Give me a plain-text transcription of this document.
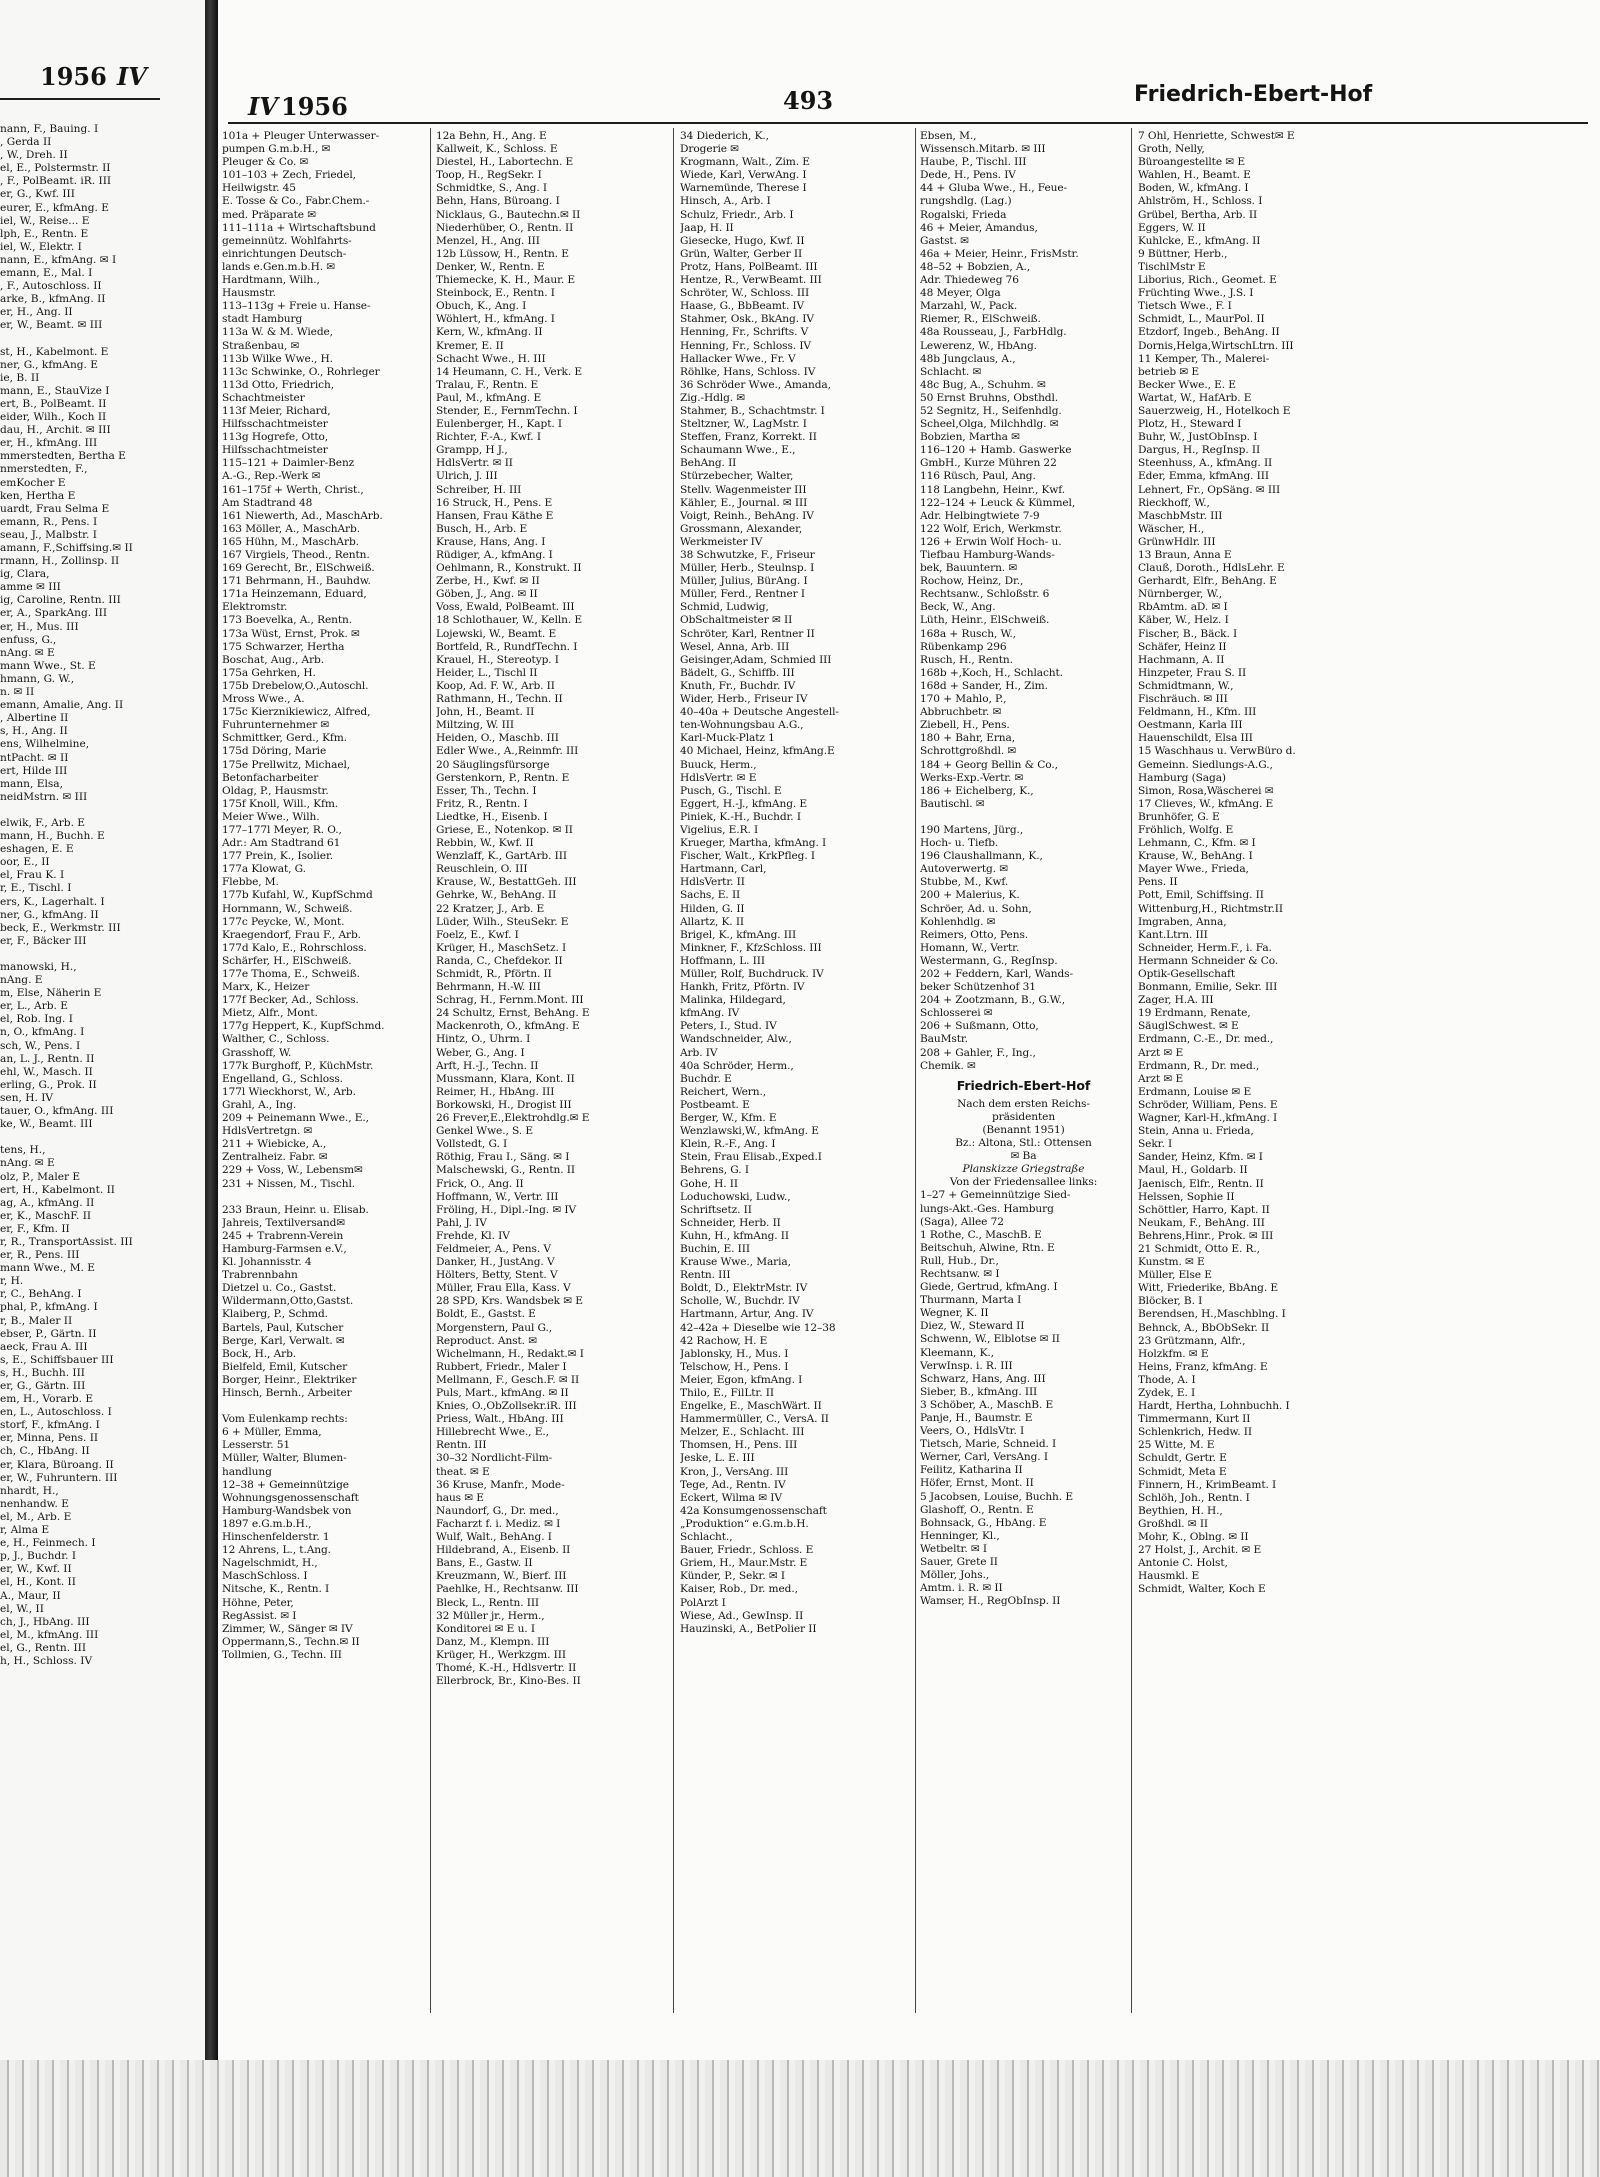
1956 IV
nann, F., Bauing. I
, Gerda II
, W., Dreh. II
el, E., Polstermstr. II
, F., PolBeamt. iR. III
er, G., Kwf. III
eurer, E., kfmAng. E
iel, W., Reise... E
lph, E., Rentn. E
iel, W., Elektr. I
nann, E., kfmAng. ✉ I
emann, E., Mal. I
, F., Autoschloss. II
arke, B., kfmAng. II
er, H., Ang. II
er, W., Beamt. ✉ III

st, H., Kabelmont. E
ner, G., kfmAng. E
ie, B. II
mann, E., StauVize I
ert, B., PolBeamt. II
eider, Wilh., Koch II
dau, H., Archit. ✉ III
er, H., kfmAng. III
mmerstedten, Bertha E
nmerstedten, F.,
emKocher E
ken, Hertha E
uardt, Frau Selma E
emann, R., Pens. I
seau, J., Malbstr. I
amann, F.,Schiffsing.✉ II
rmann, H., Zollinsp. II
ig, Clara,
amme ✉ III
ig, Caroline, Rentn. III
er, A., SparkAng. III
er, H., Mus. III
enfuss, G.,
nAng. ✉ E
mann Wwe., St. E
hmann, G. W.,
n. ✉ II
emann, Amalie, Ang. II
, Albertine II
s, H., Ang. II
ens, Wilhelmine,
ntPacht. ✉ II
ert, Hilde III
mann, Elsa,
neidMstrn. ✉ III

elwik, F., Arb. E
mann, H., Buchh. E
eshagen, E. E
oor, E., II
el, Frau K. I
r, E., Tischl. I
ers, K., Lagerhalt. I
ner, G., kfmAng. II
beck, E., Werkmstr. III
er, F., Bäcker III

manowski, H.,
nAng. E
m, Else, Näherin E
er, L., Arb. E
el, Rob. Ing. I
n, O., kfmAng. I
sch, W., Pens. I
an, L. J., Rentn. II
ehl, W., Masch. II
erling, G., Prok. II
sen, H. IV
tauer, O., kfmAng. III
ke, W., Beamt. III

tens, H.,
nAng. ✉ E
olz, P., Maler E
ert, H., Kabelmont. II
ag, A., kfmAng. II
er, K., MaschF. II
er, F., Kfm. II
r, R., TransportAssist. III
er, R., Pens. III
mann Wwe., M. E
r, H.
r, C., BehAng. I
phal, P., kfmAng. I
r, B., Maler II
ebser, P., Gärtn. II
aeck, Frau A. III
s, E., Schiffsbauer III
s, H., Buchh. III
er, G., Gärtn. III
em, H., Vorarb. E
en, L., Autoschloss. I
storf, F., kfmAng. I
er, Minna, Pens. II
ch, C., HbAng. II
er, Klara, Büroang. II
er, W., Fuhruntern. III
nhardt, H.,
nenhandw. E
el, M., Arb. E
r, Alma E
e, H., Feinmech. I
p, J., Buchdr. I
er, W., Kwf. II
el, H., Kont. II
A., Maur, II
el, W., II
ch, J., HbAng. III
el, M., kfmAng. III
el, G., Rentn. III
h, H., Schloss. IV
IV 1956	493	Friedrich-Ebert-Hof
101a + Pleuger Unterwasser-
pumpen G.m.b.H., ✉
Pleuger & Co. ✉
101–103 + Zech, Friedel,
Heilwigstr. 45
E. Tosse & Co., Fabr.Chem.-
med. Präparate ✉
111–111a + Wirtschaftsbund
gemeinnütz. Wohlfahrts-
einrichtungen Deutsch-
lands e.Gen.m.b.H. ✉
Hardtmann, Wilh.,
Hausmstr.
113–113g + Freie u. Hanse-
stadt Hamburg
113a W. & M. Wiede,
Straßenbau, ✉
113b Wilke Wwe., H.
113c Schwinke, O., Rohrleger
113d Otto, Friedrich,
Schachtmeister
113f Meier, Richard,
Hilfsschachtmeister
113g Hogrefe, Otto,
Hilfsschachtmeister
115–121 + Daimler-Benz
A.-G., Rep.-Werk ✉
161–175f + Werth, Christ.,
Am Stadtrand 48
161 Niewerth, Ad., MaschArb.
163 Möller, A., MaschArb.
165 Hühn, M., MaschArb.
167 Virgiels, Theod., Rentn.
169 Gerecht, Br., ElSchweiß.
171 Behrmann, H., Bauhdw.
171a Heinzemann, Eduard,
Elektromstr.
173 Boevelka, A., Rentn.
173a Wüst, Ernst, Prok. ✉
175 Schwarzer, Hertha
Boschat, Aug., Arb.
175a Gehrken, H.
175b Drebelow,O.,Autoschl.
Mross Wwe., A.
175c Kierznikiewicz, Alfred,
Fuhrunternehmer ✉
Schmittker, Gerd., Kfm.
175d Döring, Marie
175e Prellwitz, Michael,
Betonfacharbeiter
Oldag, P., Hausmstr.
175f Knoll, Will., Kfm.
Meier Wwe., Wilh.
177–177l Meyer, R. O.,
Adr.: Am Stadtrand 61
177 Prein, K., Isolier.
177a Klowat, G.
Flebbe, M.
177b Kufahl, W., KupfSchmd
Hornmann, W., Schweiß.
177c Peycke, W., Mont.
Kraegendorf, Frau F., Arb.
177d Kalo, E., Rohrschloss.
Schärfer, H., ElSchweiß.
177e Thoma, E., Schweiß.
Marx, K., Heizer
177f Becker, Ad., Schloss.
Mietz, Alfr., Mont.
177g Heppert, K., KupfSchmd.
Walther, C., Schloss.
Grasshoff, W.
177k Burghoff, P., KüchMstr.
Engelland, G., Schloss.
177l Wieckhorst, W., Arb.
Grahl, A., Ing.
209 + Peinemann Wwe., E.,
HdlsVertretgn. ✉
211 + Wiebicke, A.,
Zentralheiz. Fabr. ✉
229 + Voss, W., Lebensm✉
231 + Nissen, M., Tischl.

233 Braun, Heinr. u. Elisab.
Jahreis, Textilversand✉
245 + Trabrenn-Verein
Hamburg-Farmsen e.V.,
Kl. Johannisstr. 4
Trabrennbahn
Dietzel u. Co., Gastst.
Wildermann,Otto,Gastst.
Klaiberg, P., Schmd.
Bartels, Paul, Kutscher
Berge, Karl, Verwalt. ✉
Bock, H., Arb.
Bielfeld, Emil, Kutscher
Borger, Heinr., Elektriker
Hinsch, Bernh., Arbeiter

Vom Eulenkamp rechts:
6 + Müller, Emma,
Lesserstr. 51
Müller, Walter, Blumen-
handlung
12–38 + Gemeinnützige
Wohnungsgenossenschaft
Hamburg-Wandsbek von
1897 e.G.m.b.H.,
Hinschenfelderstr. 1
12 Ahrens, L., t.Ang.
Nagelschmidt, H.,
MaschSchloss. I
Nitsche, K., Rentn. I
Höhne, Peter,
RegAssist. ✉ I
Zimmer, W., Sänger ✉ IV
Oppermann,S., Techn.✉ II
Tollmien, G., Techn. III
12a Behn, H., Ang. E
Kallweit, K., Schloss. E
Diestel, H., Labortechn. E
Toop, H., RegSekr. I
Schmidtke, S., Ang. I
Behn, Hans, Büroang. I
Nicklaus, G., Bautechn.✉ II
Niederhüber, O., Rentn. II
Menzel, H., Ang. III
12b Lüssow, H., Rentn. E
Denker, W., Rentn. E
Thiemecke, K. H., Maur. E
Steinbock, E., Rentn. I
Obuch, K., Ang. I
Wöhlert, H., kfmAng. I
Kern, W., kfmAng. II
Kremer, E. II
Schacht Wwe., H. III
14 Heumann, C. H., Verk. E
Tralau, F., Rentn. E
Paul, M., kfmAng. E
Stender, E., FernmTechn. I
Eulenberger, H., Kapt. I
Richter, F.-A., Kwf. I
Grampp, H J.,
HdlsVertr. ✉ II
Ulrich, J. III
Schreiber, H. III
16 Struck, H., Pens. E
Hansen, Frau Käthe E
Busch, H., Arb. E
Krause, Hans, Ang. I
Rüdiger, A., kfmAng. I
Oehlmann, R., Konstrukt. II
Zerbe, H., Kwf. ✉ II
Göben, J., Ang. ✉ II
Voss, Ewald, PolBeamt. III
18 Schlothauer, W., Kelln. E
Lojewski, W., Beamt. E
Bortfeld, R., RundfTechn. I
Krauel, H., Stereotyp. I
Heider, L., Tischl II
Koop, Ad. F. W., Arb. II
Rathmann, H., Techn. II
John, H., Beamt. II
Miltzing, W. III
Heiden, O., Maschb. III
Edler Wwe., A.,Reinmfr. III
20 Säuglingsfürsorge
Gerstenkorn, P., Rentn. E
Esser, Th., Techn. I
Fritz, R., Rentn. I
Liedtke, H., Eisenb. I
Griese, E., Notenkop. ✉ II
Rebbin, W., Kwf. II
Wenzlaff, K., GartArb. III
Reuschlein, O. III
Krause, W., BestattGeh. III
Gehrke, W., BehAng. II
22 Kratzer, J., Arb. E
Lüder, Wilh., SteuSekr. E
Foelz, E., Kwf. I
Krüger, H., MaschSetz. I
Randa, C., Chefdekor. II
Schmidt, R., Pförtn. II
Behrmann, H.-W. III
Schrag, H., Fernm.Mont. III
24 Schultz, Ernst, BehAng. E
Mackenroth, O., kfmAng. E
Hintz, O., Uhrm. I
Weber, G., Ang. I
Arft, H.-J., Techn. II
Mussmann, Klara, Kont. II
Reimer, H., HbAng. III
Borkowski, H., Drogist III
26 Frever,E.,Elektrohdlg.✉ E
Genkel Wwe., S. E
Vollstedt, G. I
Röthig, Frau I., Säng. ✉ I
Malschewski, G., Rentn. II
Frick, O., Ang. II
Hoffmann, W., Vertr. III
Fröling, H., Dipl.-Ing. ✉ IV
Pahl, J. IV
Frehde, Kl. IV
Feldmeier, A., Pens. V
Danker, H., JustAng. V
Hölters, Betty, Stent. V
Müller, Frau Ella, Kass. V
28 SPD, Krs. Wandsbek ✉ E
Boldt, E., Gastst. E
Morgenstern, Paul G.,
Reproduct. Anst. ✉
Wichelmann, H., Redakt.✉ I
Rubbert, Friedr., Maler I
Mellmann, F., Gesch.F. ✉ II
Puls, Mart., kfmAng. ✉ II
Knies, O.,ObZollsekr.iR. III
Priess, Walt., HbAng. III
Hillebrecht Wwe., E.,
Rentn. III
30–32 Nordlicht-Film-
theat. ✉ E
36 Kruse, Manfr., Mode-
haus ✉ E
Naundorf, G., Dr. med.,
Facharzt f. i. Mediz. ✉ I
Wulf, Walt., BehAng. I
Hildebrand, A., Eisenb. II
Bans, E., Gastw. II
Kreuzmann, W., Bierf. III
Paehlke, H., Rechtsanw. III
Bleck, L., Rentn. III
32 Müller jr., Herm.,
Konditorei ✉ E u. I
Danz, M., Klempn. III
Krüger, H., Werkzgm. III
Thomé, K.-H., Hdlsvertr. II
Ellerbrock, Br., Kino-Bes. II
34 Diederich, K.,
Drogerie ✉
Krogmann, Walt., Zim. E
Wiede, Karl, VerwAng. I
Warnemünde, Therese I
Hinsch, A., Arb. I
Schulz, Friedr., Arb. I
Jaap, H. II
Giesecke, Hugo, Kwf. II
Grün, Walter, Gerber II
Protz, Hans, PolBeamt. III
Hentze, R., VerwBeamt. III
Schröter, W., Schloss. III
Haase, G., BbBeamt. IV
Stahmer, Osk., BkAng. IV
Henning, Fr., Schrifts. V
Henning, Fr., Schloss. IV
Hallacker Wwe., Fr. V
Röhlke, Hans, Schloss. IV
36 Schröder Wwe., Amanda,
Zig.-Hdlg. ✉
Stahmer, B., Schachtmstr. I
Steltzner, W., LagMstr. I
Steffen, Franz, Korrekt. II
Schaumann Wwe., E.,
BehAng. II
Stürzebecher, Walter,
Stellv. Wagenmeister III
Kähler, E., Journal. ✉ III
Voigt, Reinh., BehAng. IV
Grossmann, Alexander,
Werkmeister IV
38 Schwutzke, F., Friseur
Müller, Herb., Steulnsp. I
Müller, Julius, BürAng. I
Müller, Ferd., Rentner I
Schmid, Ludwig,
ObSchaltmeister ✉ II
Schröter, Karl, Rentner II
Wesel, Anna, Arb. III
Geisinger,Adam, Schmied III
Bädelt, G., Schiffb. III
Knuth, Fr., Buchdr. IV
Wider, Herb., Friseur IV
40–40a + Deutsche Angestell-
ten-Wohnungsbau A.G.,
Karl-Muck-Platz 1
40 Michael, Heinz, kfmAng.E
Buuck, Herm.,
HdlsVertr. ✉ E
Pusch, G., Tischl. E
Eggert, H.-J., kfmAng. E
Piniek, K.-H., Buchdr. I
Vigelius, E.R. I
Krueger, Martha, kfmAng. I
Fischer, Walt., KrkPfleg. I
Hartmann, Carl,
HdlsVertr. II
Sachs, E. II
Hilden, G. II
Allartz, K. II
Brigel, K., kfmAng. III
Minkner, F., KfzSchloss. III
Hoffmann, L. III
Müller, Rolf, Buchdruck. IV
Hankh, Fritz, Pförtn. IV
Malinka, Hildegard,
kfmAng. IV
Peters, I., Stud. IV
Wandschneider, Alw.,
Arb. IV
40a Schröder, Herm.,
Buchdr. E
Reichert, Wern.,
Postbeamt. E
Berger, W., Kfm. E
Wenzlawski,W., kfmAng. E
Klein, R.-F., Ang. I
Stein, Frau Elisab.,Exped.I
Behrens, G. I
Gohe, H. II
Loduchowski, Ludw.,
Schriftsetz. II
Schneider, Herb. II
Kuhn, H., kfmAng. II
Buchin, E. III
Krause Wwe., Maria,
Rentn. III
Boldt, D., ElektrMstr. IV
Scholle, W., Buchdr. IV
Hartmann, Artur, Ang. IV
42–42a + Dieselbe wie 12–38
42 Rachow, H. E
Jablonsky, H., Mus. I
Telschow, H., Pens. I
Meier, Egon, kfmAng. I
Thilo, E., FilLtr. II
Engelke, E., MaschWärt. II
Hammermüller, C., VersA. II
Melzer, E., Schlacht. III
Thomsen, H., Pens. III
Jeske, L. E. III
Kron, J., VersAng. III
Tege, Ad., Rentn. IV
Eckert, Wilma ✉ IV
42a Konsumgenossenschaft
„Produktion“ e.G.m.b.H.
Schlacht.,
Bauer, Friedr., Schloss. E
Griem, H., Maur.Mstr. E
Künder, P., Sekr. ✉ I
Kaiser, Rob., Dr. med.,
PolArzt I
Wiese, Ad., GewInsp. II
Hauzinski, A., BetPolier II
Ebsen, M.,
Wissensch.Mitarb. ✉ III
Haube, P., Tischl. III
Dede, H., Pens. IV
44 + Gluba Wwe., H., Feue-
rungshdlg. (Lag.)
Rogalski, Frieda
46 + Meier, Amandus,
Gastst. ✉
46a + Meier, Heinr., FrisMstr.
48–52 + Bobzien, A.,
Adr. Thiedeweg 76
48 Meyer, Olga
Marzahl, W., Pack.
Riemer, R., ElSchweiß.
48a Rousseau, J., FarbHdlg.
Lewerenz, W., HbAng.
48b Jungclaus, A.,
Schlacht. ✉
48c Bug, A., Schuhm. ✉
50 Ernst Bruhns, Obsthdl.
52 Segnitz, H., Seifenhdlg.
Scheel,Olga, Milchhdlg. ✉
Bobzien, Martha ✉
116–120 + Hamb. Gaswerke
GmbH., Kurze Mühren 22
116 Rüsch, Paul, Ang.
118 Langbehn, Heinr., Kwf.
122–124 + Leuck & Kümmel,
Adr. Helbingtwiete 7-9
122 Wolf, Erich, Werkmstr.
126 + Erwin Wolf Hoch- u.
Tiefbau Hamburg-Wands-
bek, Bauuntern. ✉
Rochow, Heinz, Dr.,
Rechtsanw., Schloßstr. 6
Beck, W., Ang.
Lüth, Heinr., ElSchweiß.
168a + Rusch, W.,
Rübenkamp 296
Rusch, H., Rentn.
168b +,Koch, H., Schlacht.
168d + Sander, H., Zim.
170 + Mahlo, P.,
Abbruchbetr. ✉
Ziebell, H., Pens.
180 + Bahr, Erna,
Schrottgroßhdl. ✉
184 + Georg Bellin & Co.,
Werks-Exp.-Vertr. ✉
186 + Eichelberg, K.,
Bautischl. ✉

190 Martens, Jürg.,
Hoch- u. Tiefb.
196 Claushallmann, K.,
Autoverwertg. ✉
Stubbe, M., Kwf.
200 + Malerius, K.
Schröer, Ad. u. Sohn,
Kohlenhdlg. ✉
Reimers, Otto, Pens.
Homann, W., Vertr.
Westermann, G., RegInsp.
202 + Feddern, Karl, Wands-
beker Schützenhof 31
204 + Zootzmann, B., G.W.,
Schlosserei ✉
206 + Sußmann, Otto,
BauMstr.
208 + Gahler, F., Ing.,
Chemik. ✉
Friedrich-Ebert-Hof
Nach dem ersten Reichs-
präsidenten
(Benannt 1951)
Bz.: Altona, Stl.: Ottensen
✉ Ba
Planskizze Griegstraße
Von der Friedensallee links:
1–27 + Gemeinnützige Sied-
lungs-Akt.-Ges. Hamburg
(Saga), Allee 72
1 Rothe, C., MaschB. E
Beitschuh, Alwine, Rtn. E
Rull, Hub., Dr.,
Rechtsanw. ✉ I
Giede, Gertrud, kfmAng. I
Thurmann, Marta I
Wegner, K. II
Diez, W., Steward II
Schwenn, W., Elblotse ✉ II
Kleemann, K.,
VerwInsp. i. R. III
Schwarz, Hans, Ang. III
Sieber, B., kfmAng. III
3 Schöber, A., MaschB. E
Panje, H., Baumstr. E
Veers, O., HdlsVtr. I
Tietsch, Marie, Schneid. I
Werner, Carl, VersAng. I
Feilitz, Katharina II
Höfer, Ernst, Mont. II
5 Jacobsen, Louise, Buchh. E
Glashoff, O., Rentn. E
Bohnsack, G., HbAng. E
Henninger, Kl.,
Wetbeltr. ✉ I
Sauer, Grete II
Möller, Johs.,
Amtm. i. R. ✉ II
Wamser, H., RegObInsp. II
7 Ohl, Henriette, Schwest✉ E
Groth, Nelly,
Büroangestellte ✉ E
Wahlen, H., Beamt. E
Boden, W., kfmAng. I
Ahlström, H., Schloss. I
Grübel, Bertha, Arb. II
Eggers, W. II
Kuhlcke, E., kfmAng. II
9 Büttner, Herb.,
TischlMstr E
Liborius, Rich., Geomet. E
Früchting Wwe., J.S. I
Tietsch Wwe., F. I
Schmidt, L., MaurPol. II
Etzdorf, Ingeb., BehAng. II
Dornis,Helga,WirtschLtrn. III
11 Kemper, Th., Malerei-
betrieb ✉ E
Becker Wwe., E. E
Wartat, W., HafArb. E
Sauerzweig, H., Hotelkoch E
Plotz, H., Steward I
Buhr, W., JustObInsp. I
Dargus, H., RegInsp. II
Steenhuss, A., kfmAng. II
Eder, Emma, kfmAng. III
Lehnert, Fr., OpSäng. ✉ III
Rieckhoff, W.,
MaschbMstr. III
Wäscher, H.,
GrünwHdlr. III
13 Braun, Anna E
Clauß, Doroth., HdlsLehr. E
Gerhardt, Elfr., BehAng. E
Nürnberger, W.,
RbAmtm. aD. ✉ I
Käber, W., Helz. I
Fischer, B., Bäck. I
Schäfer, Heinz II
Hachmann, A. II
Hinzpeter, Frau S. II
Schmidtmann, W.,
Fischräuch. ✉ III
Feldmann, H., Kfm. III
Oestmann, Karla III
Hauenschildt, Elsa III
15 Waschhaus u. VerwBüro d.
Gemeinn. Siedlungs-A.G.,
Hamburg (Saga)
Simon, Rosa,Wäscherei ✉
17 Clieves, W., kfmAng. E
Brunhöfer, G. E
Fröhlich, Wolfg. E
Lehmann, C., Kfm. ✉ I
Krause, W., BehAng. I
Mayer Wwe., Frieda,
Pens. II
Pott, Emil, Schiffsing. II
Wittenburg,H., Richtmstr.II
Imgraben, Anna,
Kant.Ltrn. III
Schneider, Herm.F., i. Fa.
Hermann Schneider & Co.
Optik-Gesellschaft
Bonmann, Emilie, Sekr. III
Zager, H.A. III
19 Erdmann, Renate,
SäuglSchwest. ✉ E
Erdmann, C.-E., Dr. med.,
Arzt ✉ E
Erdmann, R., Dr. med.,
Arzt ✉ E
Erdmann, Louise ✉ E
Schröder, William, Pens. E
Wagner, Karl-H.,kfmAng. I
Stein, Anna u. Frieda,
Sekr. I
Sander, Heinz, Kfm. ✉ I
Maul, H., Goldarb. II
Jaenisch, Elfr., Rentn. II
Helssen, Sophie II
Schöttler, Harro, Kapt. II
Neukam, F., BehAng. III
Behrens,Hinr., Prok. ✉ III
21 Schmidt, Otto E. R.,
Kunstm. ✉ E
Müller, Else E
Witt, Friederike, BbAng. E
Blöcker, B. I
Berendsen, H.,Maschblng. I
Behnck, A., BbObSekr. II
23 Grützmann, Alfr.,
Holzkfm. ✉ E
Heins, Franz, kfmAng. E
Thode, A. I
Zydek, E. I
Hardt, Hertha, Lohnbuchh. I
Timmermann, Kurt II
Schlenkrich, Hedw. II
25 Witte, M. E
Schuldt, Gertr. E
Schmidt, Meta E
Finnern, H., KrimBeamt. I
Schlöh, Joh., Rentn. I
Beythien, H. H.,
Großhdl. ✉ II
Mohr, K., Oblng. ✉ II
27 Holst, J., Archit. ✉ E
Antonie C. Holst,
Hausmkl. E
Schmidt, Walter, Koch E
